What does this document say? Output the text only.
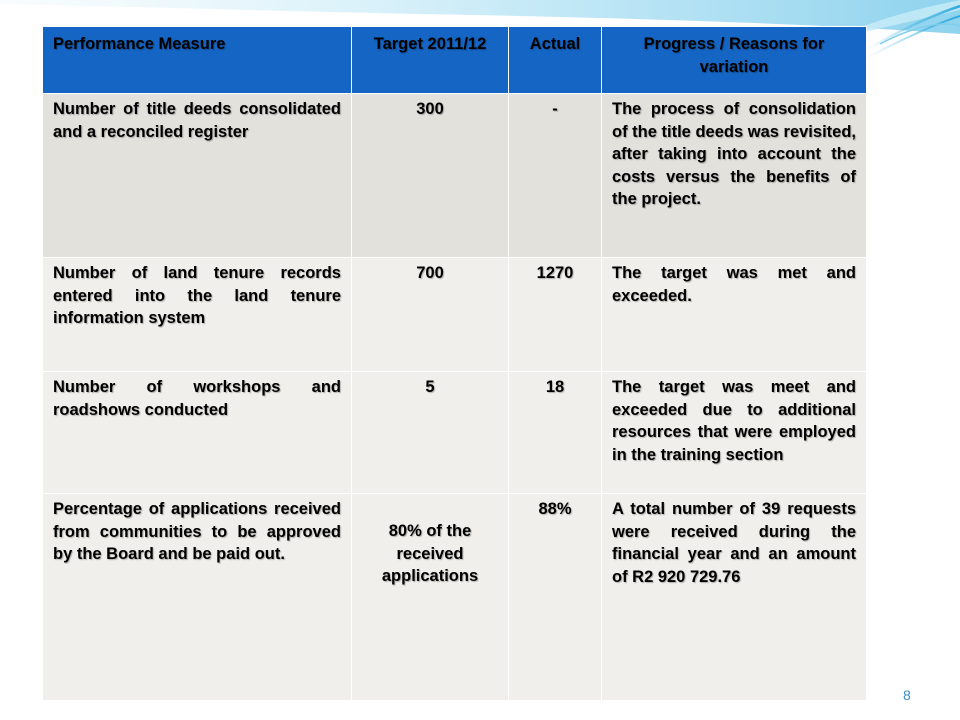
Performance Measure	Target 2011/12	Actual	Progress / Reasons for variation
Number of title deeds consolidated and a reconciled register	300	-	The process of consolidation of the title deeds was revisited, after taking into account the costs versus the benefits of the project.
Number of land tenure records entered into the land tenure information system	700	1270	The target was met and exceeded.
Number of workshops and roadshows conducted	5	18	The target was meet and exceeded due to additional resources that were employed in the training section
Percentage of applications received from communities to be approved by the Board and be paid out.	80% of the received applications	88%	A total number of 39 requests were received during the financial year and an amount of R2 920 729.76
8
